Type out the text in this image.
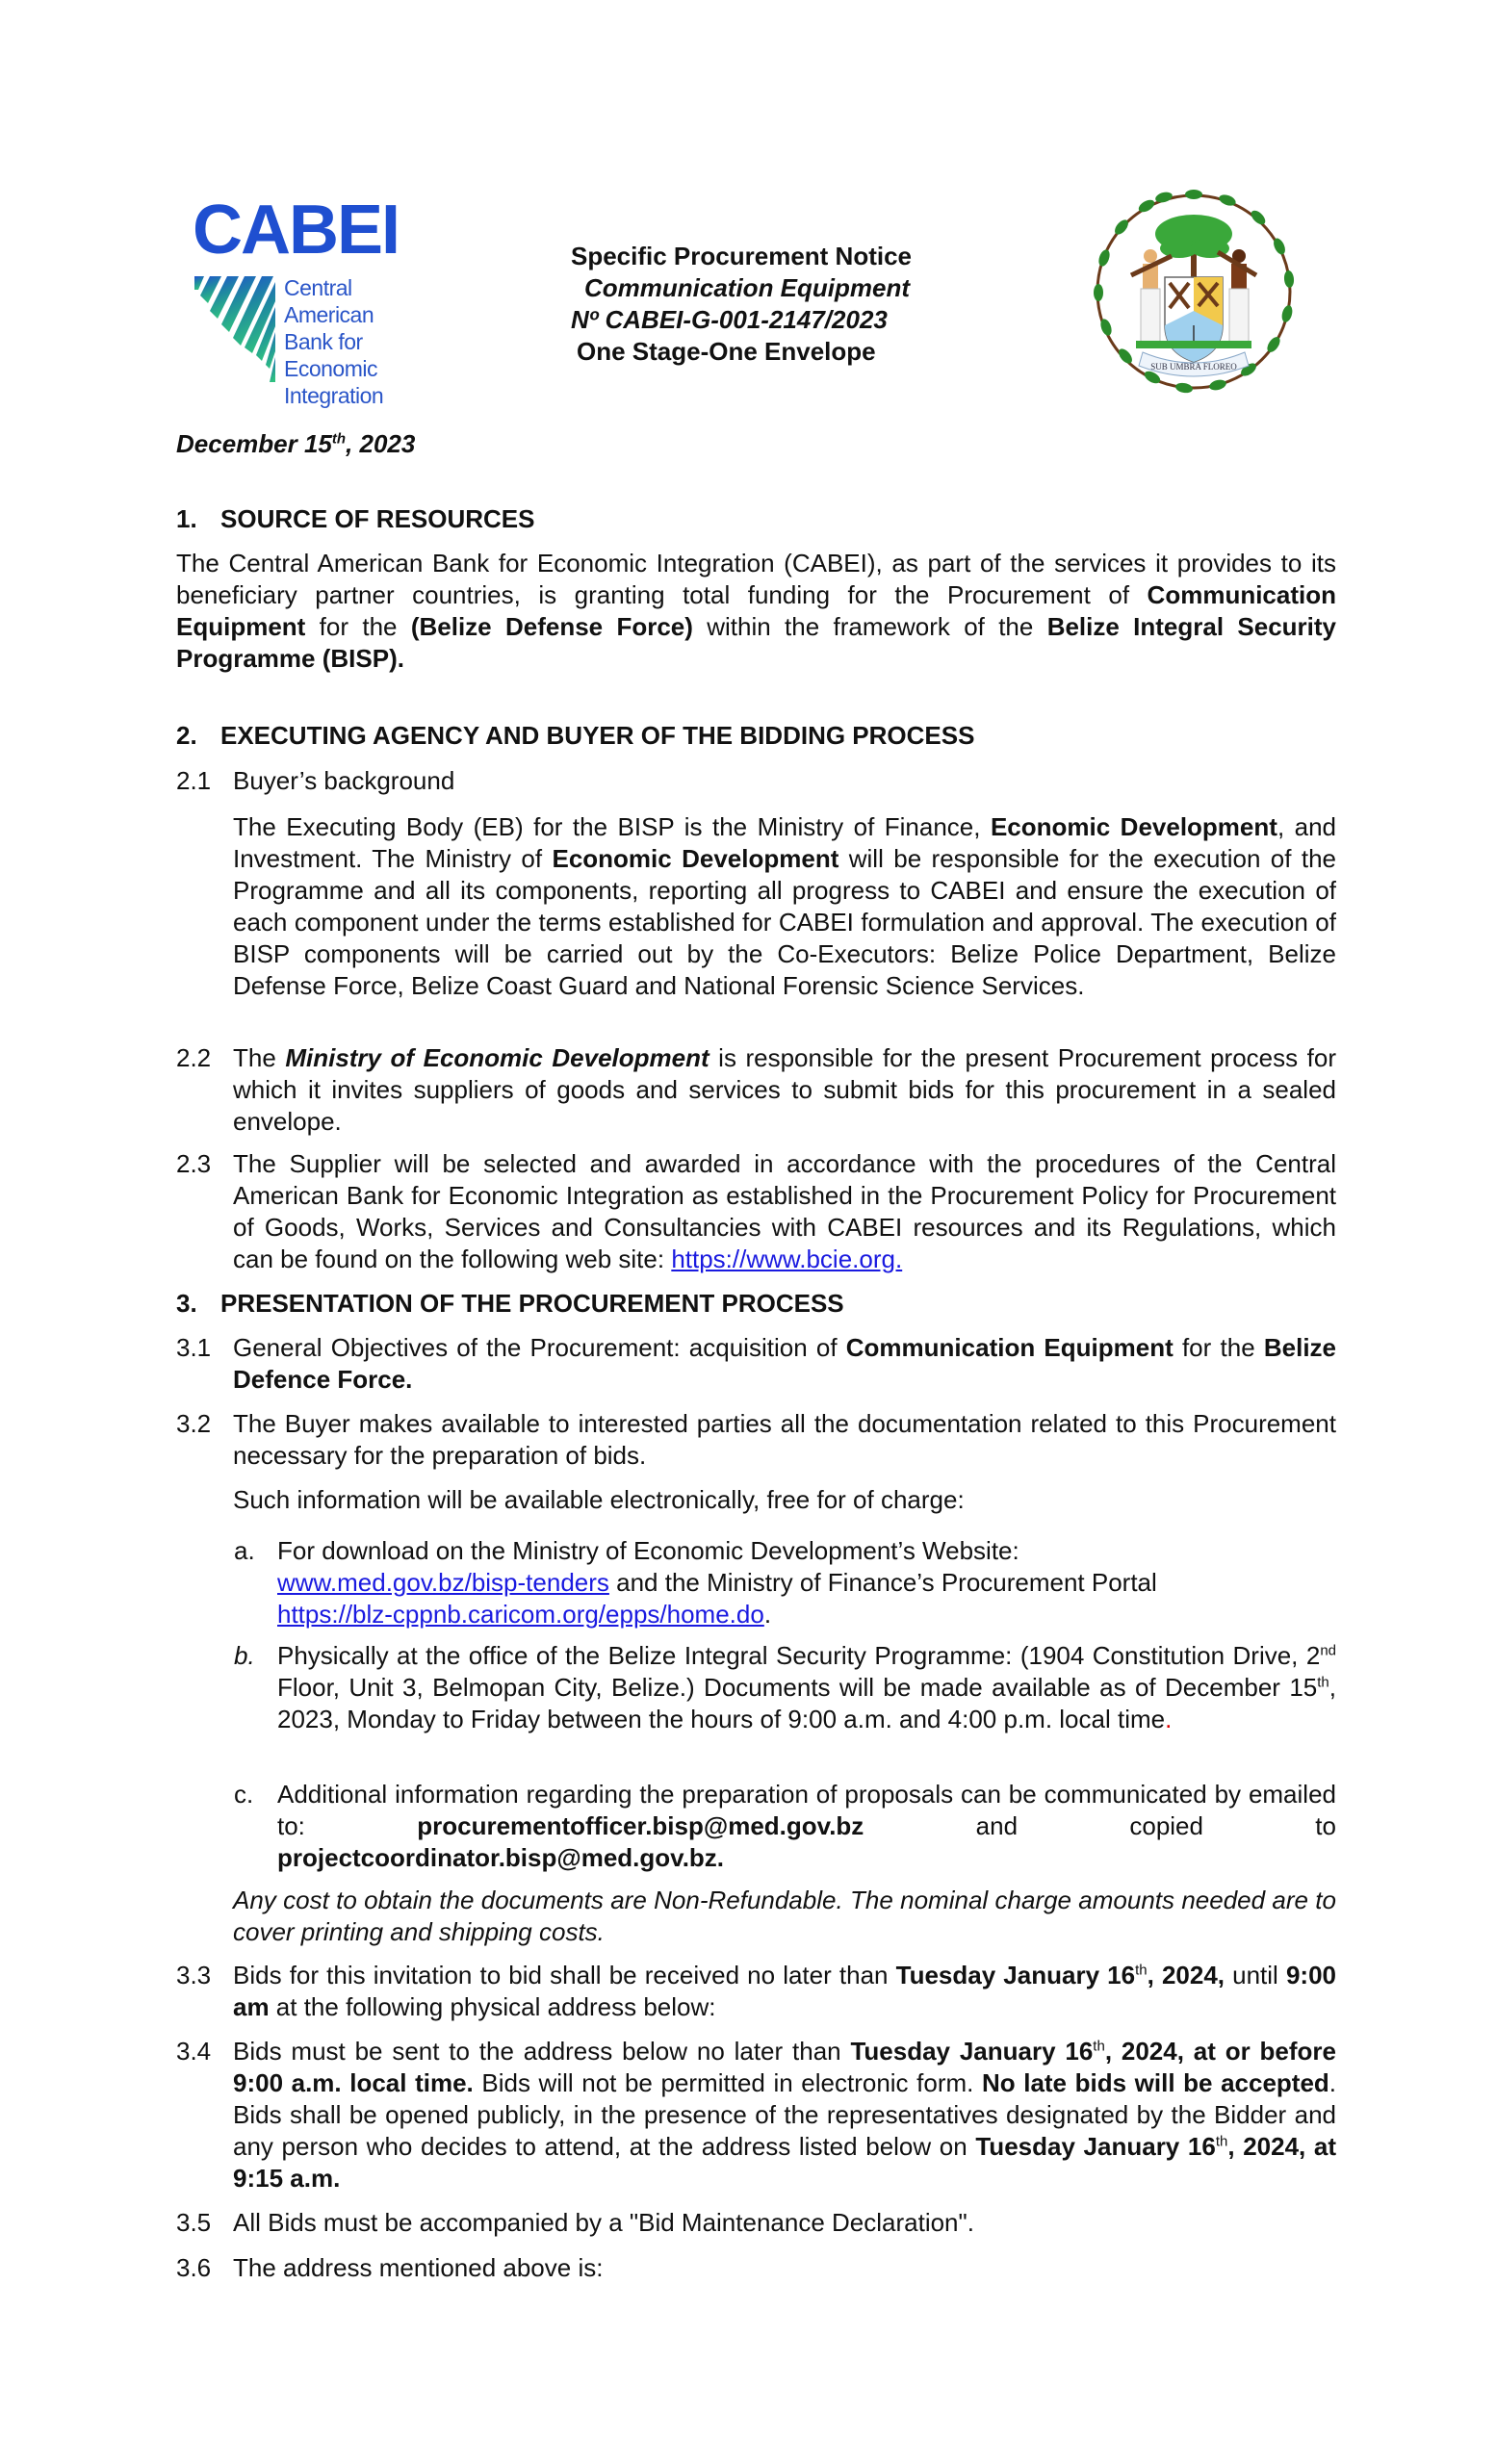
CABEI
Central American
Bank for
Economic
Integration
Specific Procurement Notice
Communication Equipment
Nº CABEI-G-001-2147/2023
One Stage-One Envelope
SUB UMBRA FLOREO
December 15th, 2023
1. SOURCE OF RESOURCES
The Central American Bank for Economic Integration (CABEI), as part of the services it provides to its beneficiary partner countries, is granting total funding for the Procurement of Communication Equipment for the (Belize Defense Force) within the framework of the Belize Integral Security Programme (BISP).
2. EXECUTING AGENCY AND BUYER OF THE BIDDING PROCESS
2.1 Buyer’s background
The Executing Body (EB) for the BISP is the Ministry of Finance, Economic Development, and Investment. The Ministry of Economic Development will be responsible for the execution of the Programme and all its components, reporting all progress to CABEI and ensure the execution of each component under the terms established for CABEI formulation and approval. The execution of BISP components will be carried out by the Co-Executors: Belize Police Department, Belize Defense Force, Belize Coast Guard and National Forensic Science Services.
2.2 The Ministry of Economic Development is responsible for the present Procurement process for which it invites suppliers of goods and services to submit bids for this procurement in a sealed envelope.
2.3 The Supplier will be selected and awarded in accordance with the procedures of the Central American Bank for Economic Integration as established in the Procurement Policy for Procurement of Goods, Works, Services and Consultancies with CABEI resources and its Regulations, which can be found on the following web site: https://www.bcie.org.
3. PRESENTATION OF THE PROCUREMENT PROCESS
3.1 General Objectives of the Procurement: acquisition of Communication Equipment for the Belize Defence Force.
3.2 The Buyer makes available to interested parties all the documentation related to this Procurement necessary for the preparation of bids.
Such information will be available electronically, free for of charge:
a. For download on the Ministry of Economic Development’s Website:
www.med.gov.bz/bisp-tenders and the Ministry of Finance’s Procurement Portal
https://blz-cppnb.caricom.org/epps/home.do.
b. Physically at the office of the Belize Integral Security Programme: (1904 Constitution Drive, 2nd Floor, Unit 3, Belmopan City, Belize.) Documents will be made available as of December 15th, 2023, Monday to Friday between the hours of 9:00 a.m. and 4:00 p.m. local time.
c. Additional information regarding the preparation of proposals can be communicated by emailed to: procurementofficer.bisp@med.gov.bz and copied to projectcoordinator.bisp@med.gov.bz.
Any cost to obtain the documents are Non-Refundable. The nominal charge amounts needed are to cover printing and shipping costs.
3.3 Bids for this invitation to bid shall be received no later than Tuesday January 16th, 2024, until 9:00 am at the following physical address below:
3.4 Bids must be sent to the address below no later than Tuesday January 16th, 2024, at or before 9:00 a.m. local time. Bids will not be permitted in electronic form. No late bids will be accepted. Bids shall be opened publicly, in the presence of the representatives designated by the Bidder and any person who decides to attend, at the address listed below on Tuesday January 16th, 2024, at 9:15 a.m.
3.5 All Bids must be accompanied by a "Bid Maintenance Declaration".
3.6 The address mentioned above is:
